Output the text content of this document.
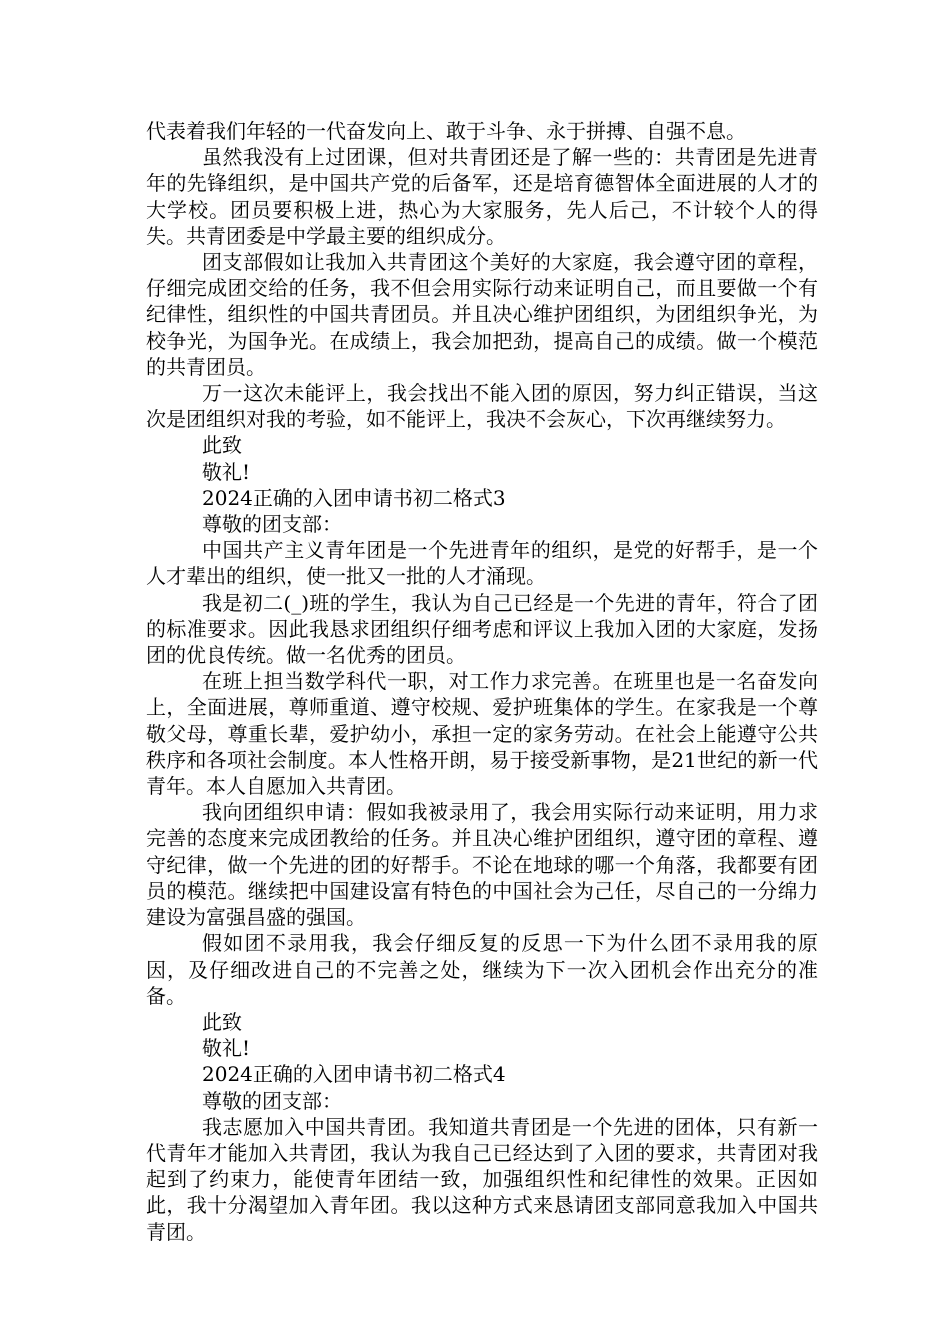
代表着我们年轻的一代奋发向上、敢于斗争、永于拼搏、自强不息。

虽然我没有上过团课，但对共青团还是了解一些的：共青团是先进青年的先锋组织，是中国共产党的后备军，还是培育德智体全面进展的人才的大学校。团员要积极上进，热心为大家服务，先人后己，不计较个人的得失。共青团委是中学最主要的组织成分。

团支部假如让我加入共青团这个美好的大家庭，我会遵守团的章程，仔细完成团交给的任务，我不但会用实际行动来证明自己，而且要做一个有纪律性，组织性的中国共青团员。并且决心维护团组织，为团组织争光，为校争光，为国争光。在成绩上，我会加把劲，提高自己的成绩。做一个模范的共青团员。

万一这次未能评上，我会找出不能入团的原因，努力纠正错误，当这次是团组织对我的考验，如不能评上，我决不会灰心，下次再继续努力。

此致

敬礼!

2024正确的入团申请书初二格式3

尊敬的团支部：

中国共产主义青年团是一个先进青年的组织，是党的好帮手，是一个人才辈出的组织，使一批又一批的人才涌现。

我是初二(_)班的学生，我认为自己已经是一个先进的青年，符合了团的标准要求。因此我恳求团组织仔细考虑和评议上我加入团的大家庭，发扬团的优良传统。做一名优秀的团员。

在班上担当数学科代一职，对工作力求完善。在班里也是一名奋发向上，全面进展，尊师重道、遵守校规、爱护班集体的学生。在家我是一个尊敬父母，尊重长辈，爱护幼小，承担一定的家务劳动。在社会上能遵守公共秩序和各项社会制度。本人性格开朗，易于接受新事物，是21世纪的新一代青年。本人自愿加入共青团。

我向团组织申请：假如我被录用了，我会用实际行动来证明，用力求完善的态度来完成团教给的任务。并且决心维护团组织，遵守团的章程、遵守纪律，做一个先进的团的好帮手。不论在地球的哪一个角落，我都要有团员的模范。继续把中国建设富有特色的中国社会为己任，尽自己的一分绵力建设为富强昌盛的强国。

假如团不录用我，我会仔细反复的反思一下为什么团不录用我的原因，及仔细改进自己的不完善之处，继续为下一次入团机会作出充分的准备。

此致

敬礼!

2024正确的入团申请书初二格式4

尊敬的团支部：

我志愿加入中国共青团。我知道共青团是一个先进的团体，只有新一代青年才能加入共青团，我认为我自己已经达到了入团的要求，共青团对我起到了约束力，能使青年团结一致，加强组织性和纪律性的效果。正因如此，我十分渴望加入青年团。我以这种方式来恳请团支部同意我加入中国共青团。
